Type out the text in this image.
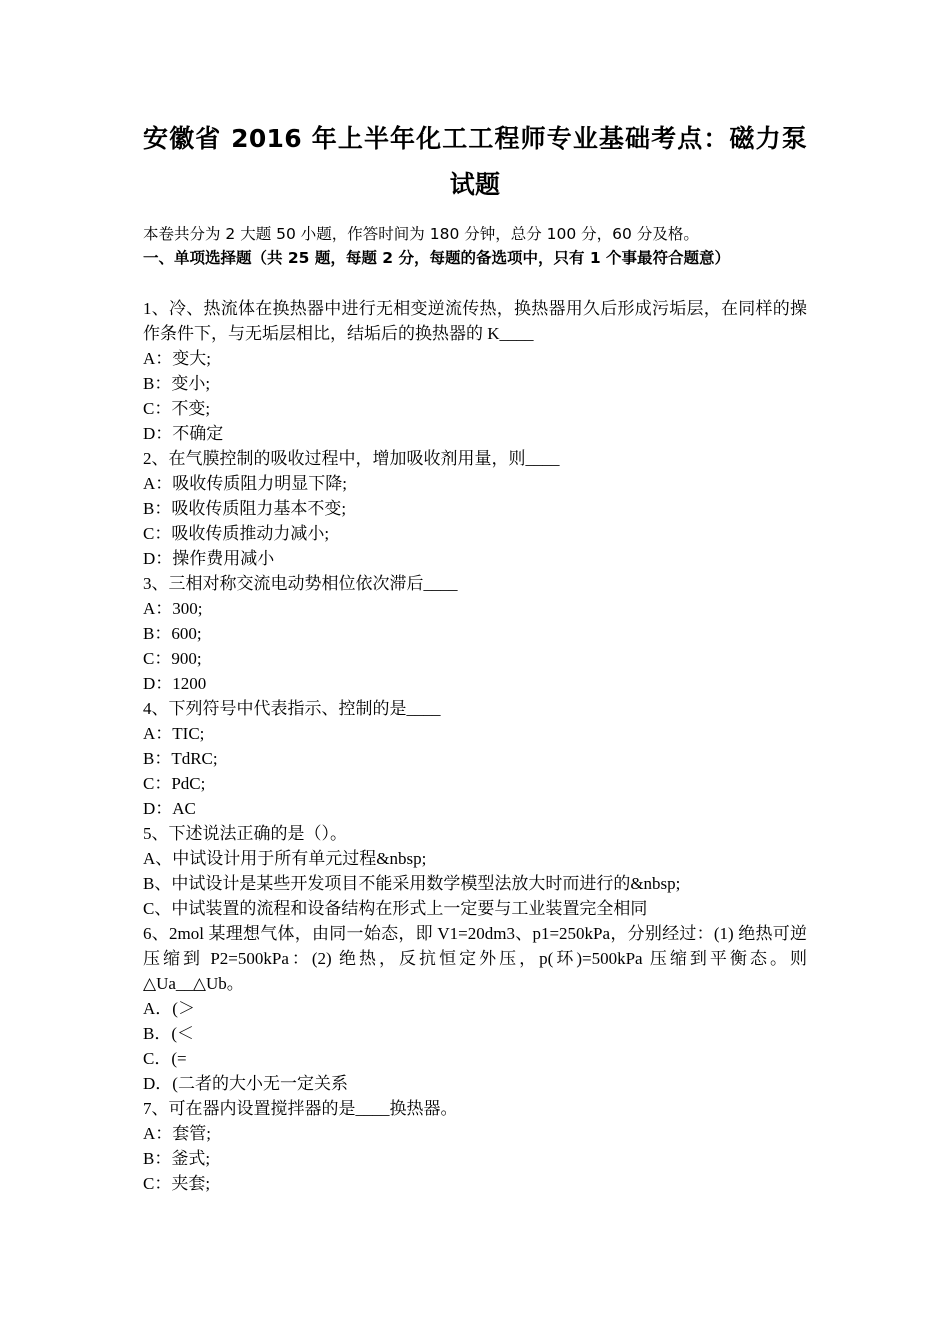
安徽省 2016 年上半年化工工程师专业基础考点：磁力泵试题
本卷共分为 2 大题 50 小题，作答时间为 180 分钟，总分 100 分，60 分及格。
一、单项选择题（共 25 题，每题 2 分，每题的备选项中，只有 1 个事最符合题意）
1、冷、热流体在换热器中进行无相变逆流传热，换热器用久后形成污垢层，在同样的操作条件下，与无垢层相比，结垢后的换热器的 K____
A：变大;
B：变小;
C：不变;
D：不确定
2、在气膜控制的吸收过程中，增加吸收剂用量，则____
A：吸收传质阻力明显下降;
B：吸收传质阻力基本不变;
C：吸收传质推动力减小;
D：操作费用减小
3、三相对称交流电动势相位依次滞后____
A：300;
B：600;
C：900;
D：1200
4、下列符号中代表指示、控制的是____
A：TIC;
B：TdRC;
C：PdC;
D：AC
5、下述说法正确的是（）。
A、中试设计用于所有单元过程&nbsp;
B、中试设计是某些开发项目不能采用数学模型法放大时而进行的&nbsp;
C、中试装置的流程和设备结构在形式上一定要与工业装置完全相同
6、2mol 某理想气体，由同一始态，即 V1=20dm3、p1=250kPa，分别经过：(1) 绝热可逆压缩到 P2=500kPa：(2) 绝热，反抗恒定外压，p(环)=500kPa 压缩到平衡态。则△Ua__△Ub。
A．(＞
B．(＜
C．(=
D．(二者的大小无一定关系
7、可在器内设置搅拌器的是____换热器。
A：套管;
B：釜式;
C：夹套;
